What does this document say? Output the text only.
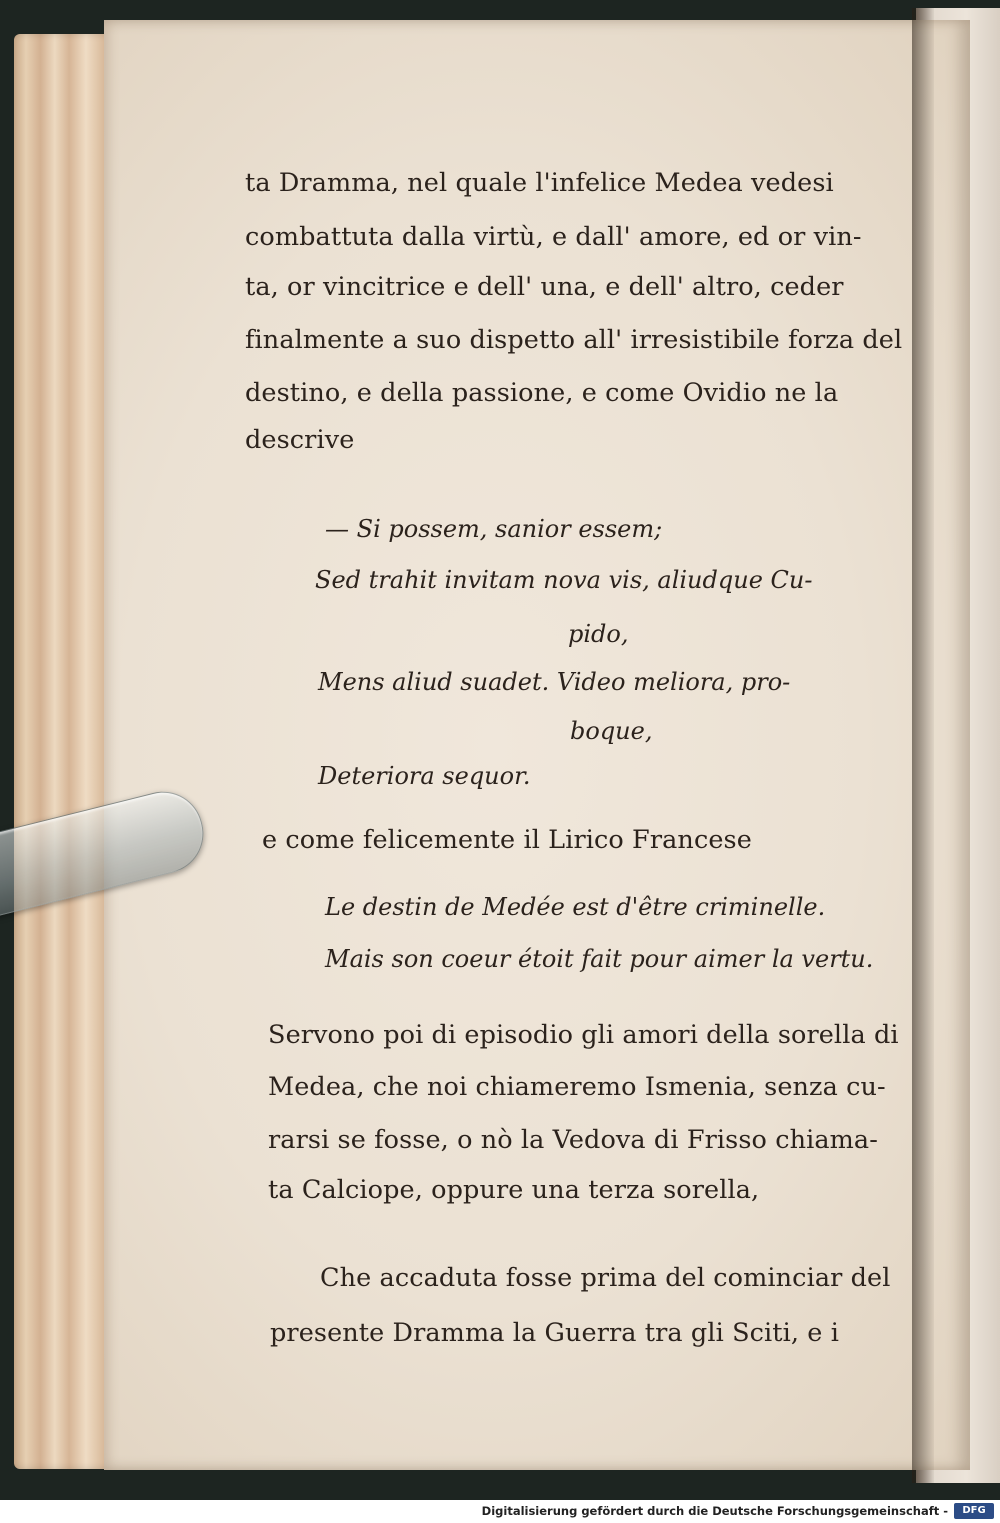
ta Dramma, nel quale l'infelice Medea vedesi
combattuta dalla virtù, e dall' amore, ed or vin-
ta, or vincitrice e dell' una, e dell' altro, ceder
finalmente a suo dispetto all' irresistibile forza del
destino, e della passione, e come Ovidio ne la
descrive
— Si possem, sanior essem;
Sed trahit invitam nova vis, aliudque Cu-
pido,
Mens aliud suadet. Video meliora, pro-
boque,
Deteriora sequor.
e come felicemente il Lirico Francese
Le destin de Medée est d'être criminelle.
Mais son coeur étoit fait pour aimer la vertu.
Servono poi di episodio gli amori della sorella di
Medea, che noi chiameremo Ismenia, senza cu-
rarsi se fosse, o nò la Vedova di Frisso chiama-
ta Calciope, oppure una terza sorella,
Che accaduta fosse prima del cominciar del
presente Dramma la Guerra tra gli Sciti, e i
Digitalisierung gefördert durch die Deutsche Forschungsgemeinschaft -	DFG
